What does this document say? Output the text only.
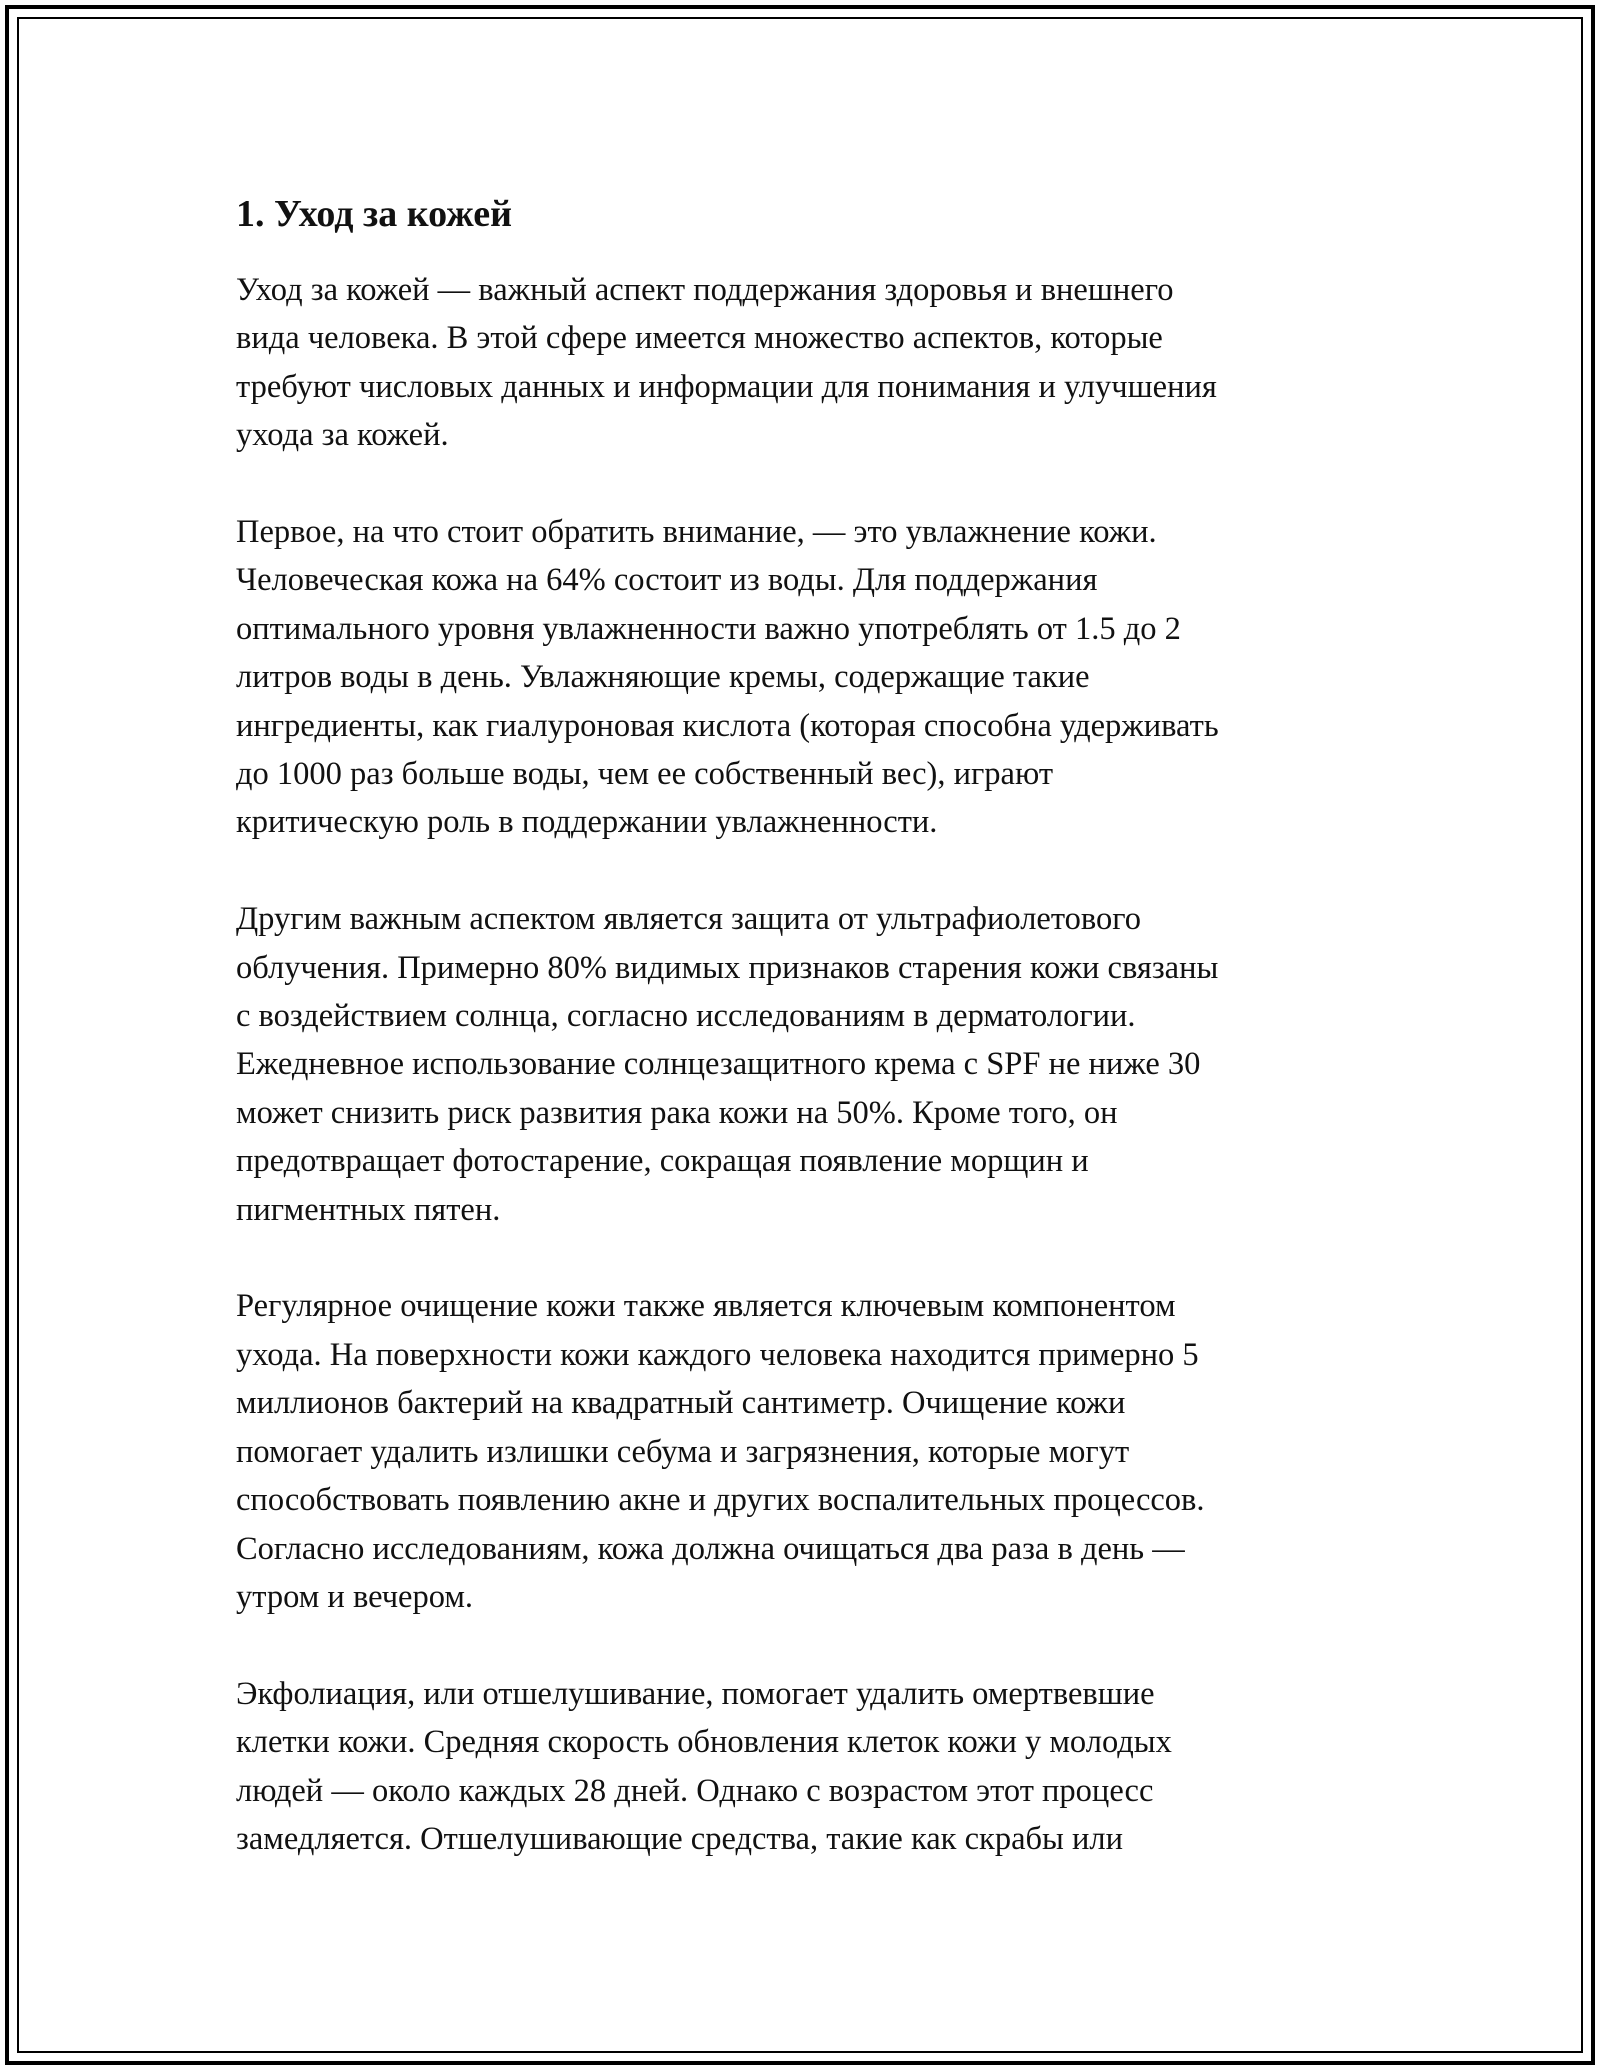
1. Уход за кожей
Уход за кожей — важный аспект поддержания здоровья и внешнего
вида человека. В этой сфере имеется множество аспектов, которые
требуют числовых данных и информации для понимания и улучшения
ухода за кожей.
Первое, на что стоит обратить внимание, — это увлажнение кожи.
Человеческая кожа на 64% состоит из воды. Для поддержания
оптимального уровня увлажненности важно употреблять от 1.5 до 2
литров воды в день. Увлажняющие кремы, содержащие такие
ингредиенты, как гиалуроновая кислота (которая способна удерживать
до 1000 раз больше воды, чем ее собственный вес), играют
критическую роль в поддержании увлажненности.
Другим важным аспектом является защита от ультрафиолетового
облучения. Примерно 80% видимых признаков старения кожи связаны
с воздействием солнца, согласно исследованиям в дерматологии.
Ежедневное использование солнцезащитного крема с SPF не ниже 30
может снизить риск развития рака кожи на 50%. Кроме того, он
предотвращает фотостарение, сокращая появление морщин и
пигментных пятен.
Регулярное очищение кожи также является ключевым компонентом
ухода. На поверхности кожи каждого человека находится примерно 5
миллионов бактерий на квадратный сантиметр. Очищение кожи
помогает удалить излишки себума и загрязнения, которые могут
способствовать появлению акне и других воспалительных процессов.
Согласно исследованиям, кожа должна очищаться два раза в день —
утром и вечером.
Экфолиация, или отшелушивание, помогает удалить омертвевшие
клетки кожи. Средняя скорость обновления клеток кожи у молодых
людей — около каждых 28 дней. Однако с возрастом этот процесс
замедляется. Отшелушивающие средства, такие как скрабы или
